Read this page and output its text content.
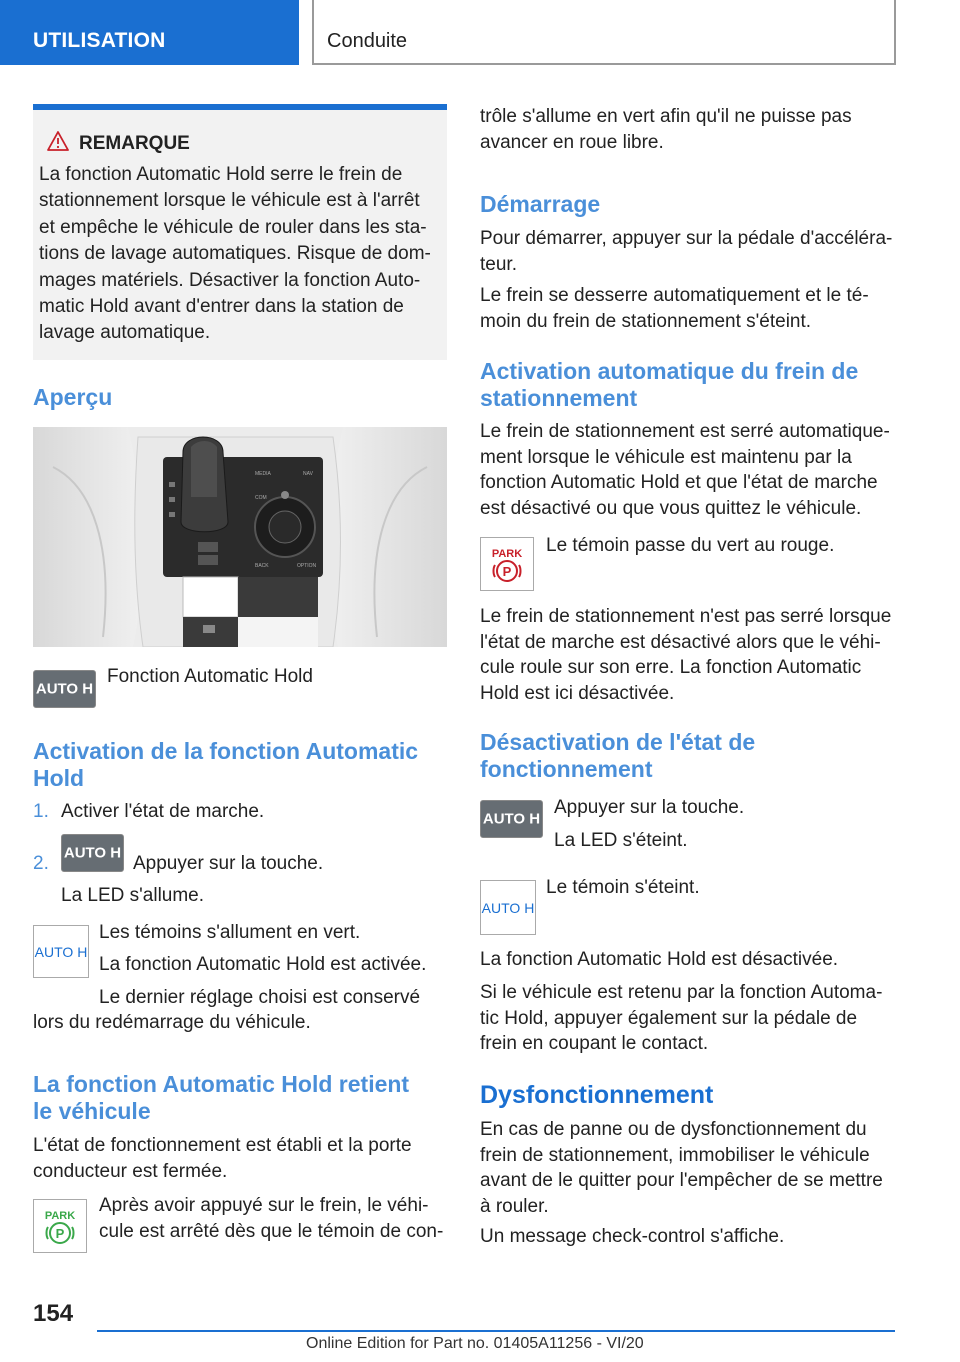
UTILISATION	Conduite
REMARQUE

La fonction Automatic Hold serre le frein de

stationnement lorsque le véhicule est à l'arrêt

et empêche le véhicule de rouler dans les sta‐

tions de lavage automatiques. Risque de dom‐

mages matériels. Désactiver la fonction Auto‐

matic Hold avant d'entrer dans la station de

lavage automatique.

Aperçu
MEDIA
COM
NAV
BACK	OPTION
AUTO H
Fonction Automatic Hold
Activation de la fonction Automatic
Hold
1. Activer l'état de marche.
2. AUTO H Appuyer sur la touche.
La LED s'allume.
AUTO H
Les témoins s'allument en vert.
La fonction Automatic Hold est activée.
Le dernier réglage choisi est conservé
lors du redémarrage du véhicule.
La fonction Automatic Hold retient
le véhicule

L'état de fonctionnement est établi et la porte

conducteur est fermée.

PARK
P

Après avoir appuyé sur le frein, le véhi‐

cule est arrêté dès que le témoin de con‐

trôle s'allume en vert afin qu'il ne puisse pas

avancer en roue libre.

Démarrage

Pour démarrer, appuyer sur la pédale d'accéléra‐

teur.

Le frein se desserre automatiquement et le té‐

moin du frein de stationnement s'éteint.

Activation automatique du frein de
stationnement

Le frein de stationnement est serré automatique‐

ment lorsque le véhicule est maintenu par la

fonction Automatic Hold et que l'état de marche

est désactivé ou que vous quittez le véhicule.

PARK
P
Le témoin passe du vert au rouge.

Le frein de stationnement n'est pas serré lorsque

l'état de marche est désactivé alors que le véhi‐

cule roule sur son erre. La fonction Automatic

Hold est ici désactivée.

Désactivation de l'état de
fonctionnement
AUTO H
Appuyer sur la touche.
La LED s'éteint.
AUTO H
Le témoin s'éteint.
La fonction Automatic Hold est désactivée.

Si le véhicule est retenu par la fonction Automa‐

tic Hold, appuyer également sur la pédale de

frein en coupant le contact.

Dysfonctionnement

En cas de panne ou de dysfonctionnement du

frein de stationnement, immobiliser le véhicule

avant de le quitter pour l'empêcher de se mettre

à rouler.

Un message check-control s'affiche.
154
Online Edition for Part no. 01405A11256 - VI/20
